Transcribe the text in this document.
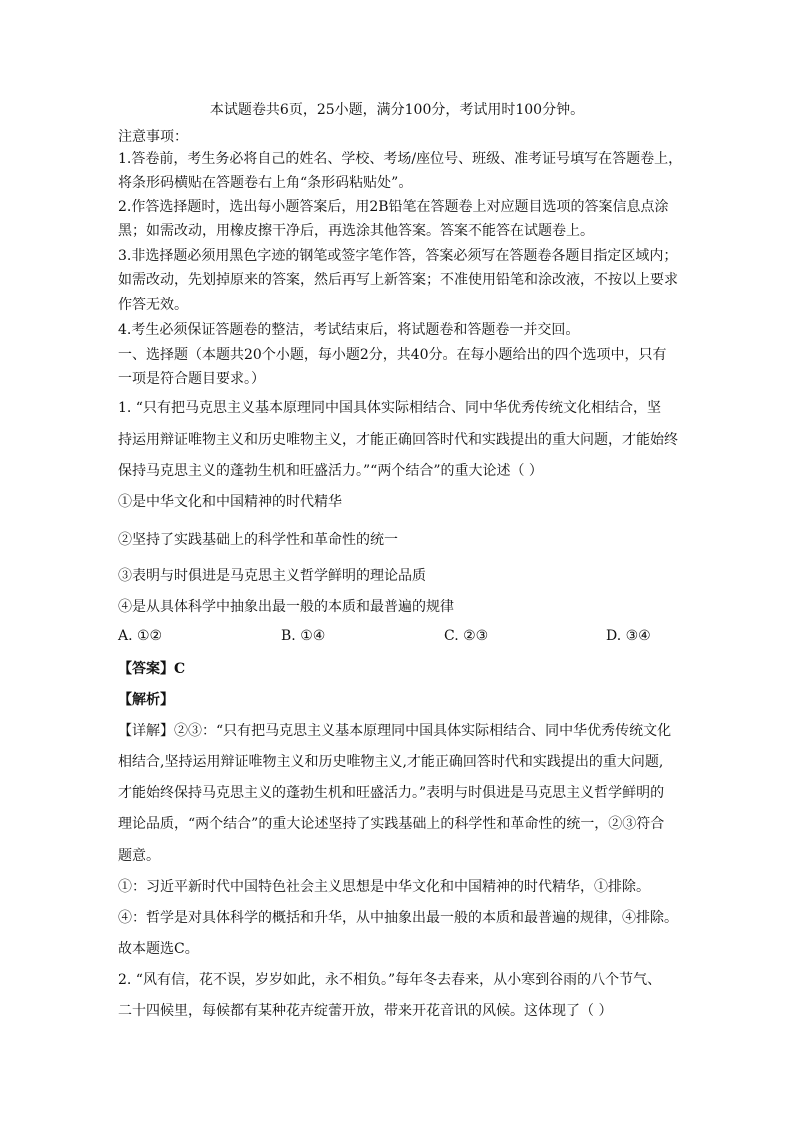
本试题卷共6页，25小题，满分100分，考试用时100分钟。
注意事项：
1.答卷前，考生务必将自己的姓名、学校、考场/座位号、班级、准考证号填写在答题卷上，
将条形码横贴在答题卷右上角“条形码粘贴处”。
2.作答选择题时，选出每小题答案后，用2B铅笔在答题卷上对应题目选项的答案信息点涂
黑；如需改动，用橡皮擦干净后，再选涂其他答案。答案不能答在试题卷上。
3.非选择题必须用黑色字迹的钢笔或签字笔作答，答案必须写在答题卷各题目指定区域内；
如需改动，先划掉原来的答案，然后再写上新答案；不准使用铅笔和涂改液，不按以上要求
作答无效。
4.考生必须保证答题卷的整洁，考试结束后，将试题卷和答题卷一并交回。
一、选择题（本题共20个小题，每小题2分，共40分。在每小题给出的四个选项中，只有
一项是符合题目要求。）
1. “只有把马克思主义基本原理同中国具体实际相结合、同中华优秀传统文化相结合，坚
持运用辩证唯物主义和历史唯物主义，才能正确回答时代和实践提出的重大问题，才能始终
保持马克思主义的蓬勃生机和旺盛活力。”“两个结合”的重大论述（ ）
①是中华文化和中国精神的时代精华
②坚持了实践基础上的科学性和革命性的统一
③表明与时俱进是马克思主义哲学鲜明的理论品质
④是从具体科学中抽象出最一般的本质和最普遍的规律
A. ①②	B. ①④	C. ②③	D. ③④
【答案】C
【解析】
【详解】②③：“只有把马克思主义基本原理同中国具体实际相结合、同中华优秀传统文化
相结合,坚持运用辩证唯物主义和历史唯物主义,才能正确回答时代和实践提出的重大问题,
才能始终保持马克思主义的蓬勃生机和旺盛活力。”表明与时俱进是马克思主义哲学鲜明的
理论品质，“两个结合”的重大论述坚持了实践基础上的科学性和革命性的统一，②③符合
题意。
①：习近平新时代中国特色社会主义思想是中华文化和中国精神的时代精华，①排除。
④：哲学是对具体科学的概括和升华，从中抽象出最一般的本质和最普遍的规律，④排除。
故本题选C。
2. “风有信，花不误，岁岁如此，永不相负。”每年冬去春来，从小寒到谷雨的八个节气、
二十四候里，每候都有某种花卉绽蕾开放，带来开花音讯的风候。这体现了（ ）
